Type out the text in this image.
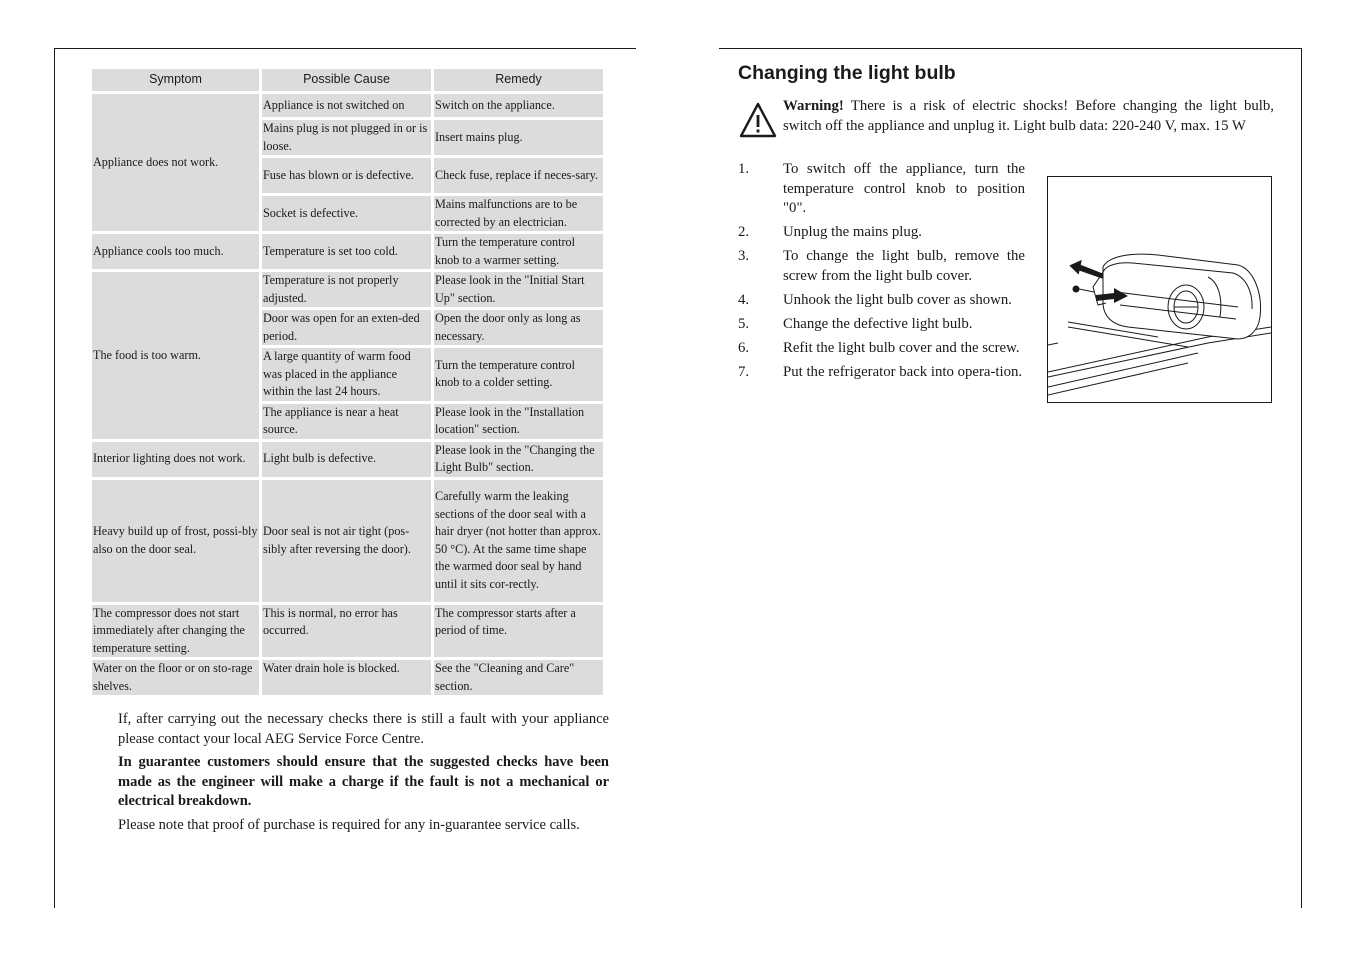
Symptom	Possible Cause	Remedy
Appliance does not work.	Appliance is not switched on	Switch on the appliance.
	Mains plug is not plugged in or is loose.	Insert mains plug.
	Fuse has blown or is defective.	Check fuse, replace if neces-sary.
	Socket is defective.	Mains malfunctions are to be corrected by an electrician.
Appliance cools too much.	Temperature is set too cold.	Turn the temperature control knob to a warmer setting.
The food is too warm.	Temperature is not properly adjusted.	Please look in the "Initial Start Up" section.
	Door was open for an exten-ded period.	Open the door only as long as necessary.
	A large quantity of warm food was placed in the appliance within the last 24 hours.	Turn the temperature control knob to a colder setting.
	The appliance is near a heat source.	Please look in the "Installation location" section.
Interior lighting does not work.	Light bulb is defective.	Please look in the "Changing the Light Bulb" section.
Heavy build up of frost, possi-bly also on the door seal.	Door seal is not air tight (pos-sibly after reversing the door).	Carefully warm the leaking sections of the door seal with a hair dryer (not hotter than approx. 50 °C). At the same time shape the warmed door seal by hand until it sits cor-rectly.
The compressor does not start immediately after changing the temperature setting.	This is normal, no error has occurred.	The compressor starts after a period of time.
Water on the floor or on sto-rage shelves.	Water drain hole is blocked.	See the "Cleaning and Care" section.

If, after carrying out the necessary checks there is still a fault with your appliance please contact your local AEG Service Force Centre.

In guarantee customers should ensure that the suggested checks have been made as the engineer will make a charge if the fault is not a mechanical or electrical breakdown.

Please note that proof of purchase is required for any in-guarantee service calls.

Changing the light bulb

Warning! There is a risk of electric shocks! Before changing the light bulb, switch off the appliance and unplug it. Light bulb data: 220-240 V, max. 15 W

1. To switch off the appliance, turn the temperature control knob to position "0".
2. Unplug the mains plug.
3. To change the light bulb, remove the screw from the light bulb cover.
4. Unhook the light bulb cover as shown.
5. Change the defective light bulb.
6. Refit the light bulb cover and the screw.
7. Put the refrigerator back into opera-tion.
